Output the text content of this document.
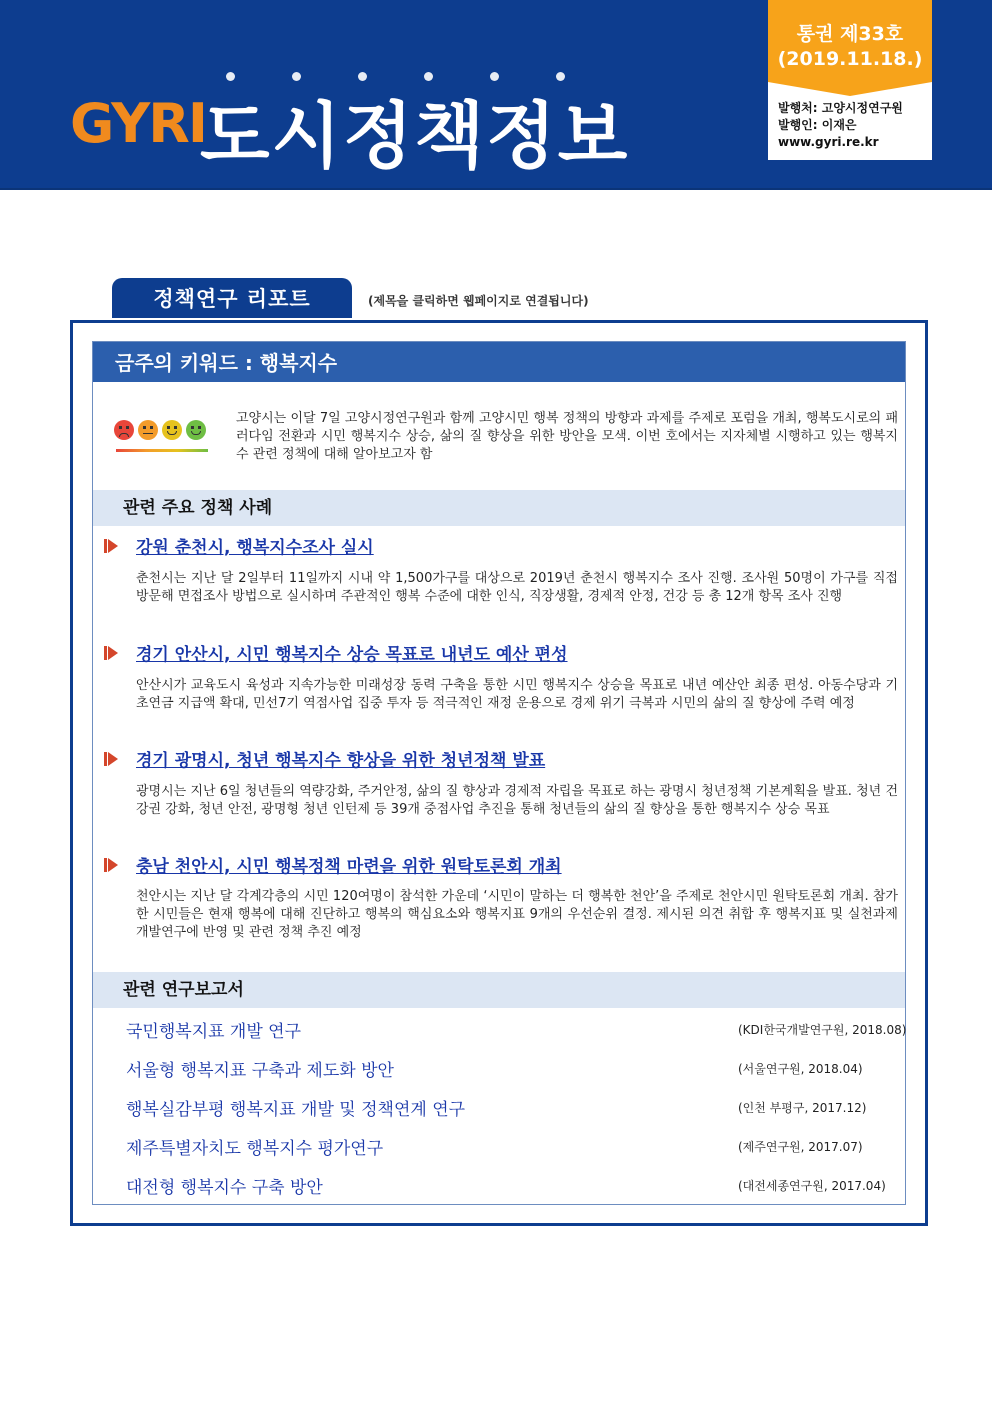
GYRI
도시정책정보
통권 제33호
(2019.11.18.)
발행처: 고양시정연구원
발행인: 이재은
www.gyri.re.kr
정책연구 리포트	(제목을 클릭하면 웹페이지로 연결됩니다)
금주의 키워드 : 행복지수
고양시는 이달 7일 고양시정연구원과 함께 고양시민 행복 정책의 방향과 과제를 주제로 포럼을 개최, 행복도시로의 패러다임 전환과 시민 행복지수 상승, 삶의 질 향상을 위한 방안을 모색. 이번 호에서는 지자체별 시행하고 있는 행복지수 관련 정책에 대해 알아보고자 함
관련 주요 정책 사례
강원 춘천시, 행복지수조사 실시
춘천시는 지난 달 2일부터 11일까지 시내 약 1,500가구를 대상으로 2019년 춘천시 행복지수 조사 진행. 조사원 50명이 가구를 직접 방문해 면접조사 방법으로 실시하며 주관적인 행복 수준에 대한 인식, 직장생활, 경제적 안정, 건강 등 총 12개 항목 조사 진행
경기 안산시, 시민 행복지수 상승 목표로 내년도 예산 편성
안산시가 교육도시 육성과 지속가능한 미래성장 동력 구축을 통한 시민 행복지수 상승을 목표로 내년 예산안 최종 편성. 아동수당과 기초연금 지급액 확대, 민선7기 역점사업 집중 투자 등 적극적인 재정 운용으로 경제 위기 극복과 시민의 삶의 질 향상에 주력 예정
경기 광명시, 청년 행복지수 향상을 위한 청년정책 발표
광명시는 지난 6일 청년들의 역량강화, 주거안정, 삶의 질 향상과 경제적 자립을 목표로 하는 광명시 청년정책 기본계획을 발표. 청년 건강권 강화, 청년 안전, 광명형 청년 인턴제 등 39개 중점사업 추진을 통해 청년들의 삶의 질 향상을 통한 행복지수 상승 목표
충남 천안시, 시민 행복정책 마련을 위한 원탁토론회 개최
천안시는 지난 달 각계각층의 시민 120여명이 참석한 가운데 ‘시민이 말하는 더 행복한 천안’을 주제로 천안시민 원탁토론회 개최. 참가한 시민들은 현재 행복에 대해 진단하고 행복의 핵심요소와 행복지표 9개의 우선순위 결정. 제시된 의견 취합 후 행복지표 및 실천과제 개발연구에 반영 및 관련 정책 추진 예정
관련 연구보고서
국민행복지표 개발 연구	(KDI한국개발연구원, 2018.08)
서울형 행복지표 구축과 제도화 방안	(서울연구원, 2018.04)
행복실감부평 행복지표 개발 및 정책연계 연구	(인천 부평구, 2017.12)
제주특별자치도 행복지수 평가연구	(제주연구원, 2017.07)
대전형 행복지수 구축 방안	(대전세종연구원, 2017.04)
